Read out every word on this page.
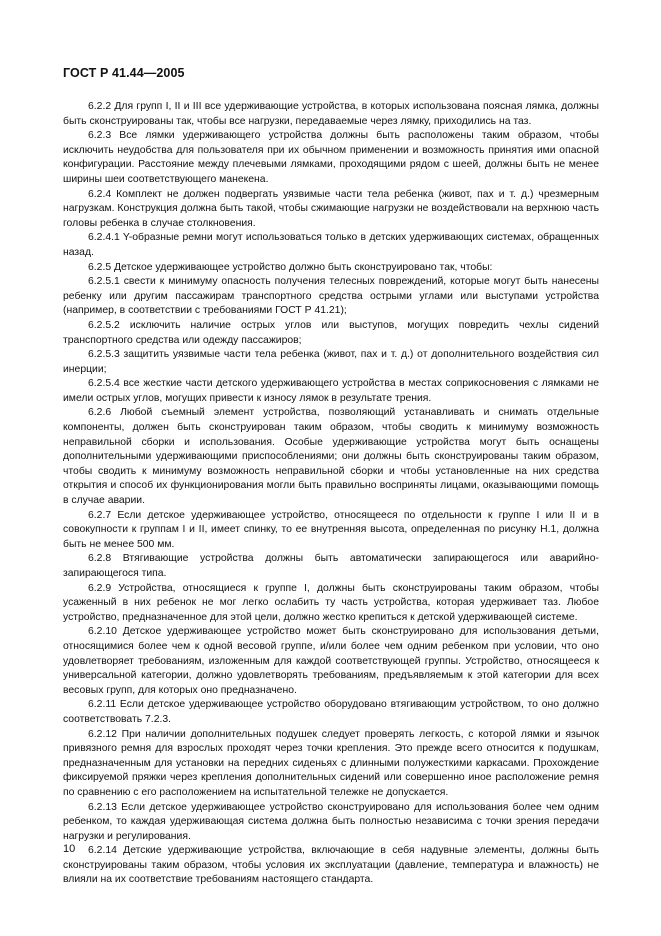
ГОСТ Р 41.44—2005

6.2.2 Для групп I, II и III все удерживающие устройства, в которых использована поясная лямка, должны быть сконструированы так, чтобы все нагрузки, передаваемые через лямку, приходились на таз.

6.2.3 Все лямки удерживающего устройства должны быть расположены таким образом, чтобы исключить неудобства для пользователя при их обычном применении и возможность принятия ими опасной конфигурации. Расстояние между плечевыми лямками, проходящими рядом с шеей, должны быть не менее ширины шеи соответствующего манекена.

6.2.4 Комплект не должен подвергать уязвимые части тела ребенка (живот, пах и т. д.) чрезмерным нагрузкам. Конструкция должна быть такой, чтобы сжимающие нагрузки не воздействовали на верхнюю часть головы ребенка в случае столкновения.

6.2.4.1 Y-образные ремни могут использоваться только в детских удерживающих системах, обращенных назад.

6.2.5 Детское удерживающее устройство должно быть сконструировано так, чтобы:

6.2.5.1 свести к минимуму опасность получения телесных повреждений, которые могут быть нанесены ребенку или другим пассажирам транспортного средства острыми углами или выступами устройства (например, в соответствии с требованиями ГОСТ Р 41.21);

6.2.5.2 исключить наличие острых углов или выступов, могущих повредить чехлы сидений транспортного средства или одежду пассажиров;

6.2.5.3 защитить уязвимые части тела ребенка (живот, пах и т. д.) от дополнительного воздействия сил инерции;

6.2.5.4 все жесткие части детского удерживающего устройства в местах соприкосновения с лямками не имели острых углов, могущих привести к износу лямок в результате трения.

6.2.6 Любой съемный элемент устройства, позволяющий устанавливать и снимать отдельные компоненты, должен быть сконструирован таким образом, чтобы сводить к минимуму возможность неправильной сборки и использования. Особые удерживающие устройства могут быть оснащены дополнительными удерживающими приспособлениями; они должны быть сконструированы таким образом, чтобы сводить к минимуму возможность неправильной сборки и чтобы установленные на них средства открытия и способ их функционирования могли быть правильно восприняты лицами, оказывающими помощь в случае аварии.

6.2.7 Если детское удерживающее устройство, относящееся по отдельности к группе I или II и в совокупности к группам I и II, имеет спинку, то ее внутренняя высота, определенная по рисунку Н.1, должна быть не менее 500 мм.

6.2.8 Втягивающие устройства должны быть автоматически запирающегося или аварийно-запирающегося типа.

6.2.9 Устройства, относящиеся к группе I, должны быть сконструированы таким образом, чтобы усаженный в них ребенок не мог легко ослабить ту часть устройства, которая удерживает таз. Любое устройство, предназначенное для этой цели, должно жестко крепиться к детской удерживающей системе.

6.2.10 Детское удерживающее устройство может быть сконструировано для использования детьми, относящимися более чем к одной весовой группе, и/или более чем одним ребенком при условии, что оно удовлетворяет требованиям, изложенным для каждой соответствующей группы. Устройство, относящееся к универсальной категории, должно удовлетворять требованиям, предъявляемым к этой категории для всех весовых групп, для которых оно предназначено.

6.2.11 Если детское удерживающее устройство оборудовано втягивающим устройством, то оно должно соответствовать 7.2.3.

6.2.12 При наличии дополнительных подушек следует проверять легкость, с которой лямки и язычок привязного ремня для взрослых проходят через точки крепления. Это прежде всего относится к подушкам, предназначенным для установки на передних сиденьях с длинными полужесткими каркасами. Прохождение фиксируемой пряжки через крепления дополнительных сидений или совершенно иное расположение ремня по сравнению с его расположением на испытательной тележке не допускается.

6.2.13 Если детское удерживающее устройство сконструировано для использования более чем одним ребенком, то каждая удерживающая система должна быть полностью независима с точки зрения передачи нагрузки и регулирования.

6.2.14 Детские удерживающие устройства, включающие в себя надувные элементы, должны быть сконструированы таким образом, чтобы условия их эксплуатации (давление, температура и влажность) не влияли на их соответствие требованиям настоящего стандарта.

10
